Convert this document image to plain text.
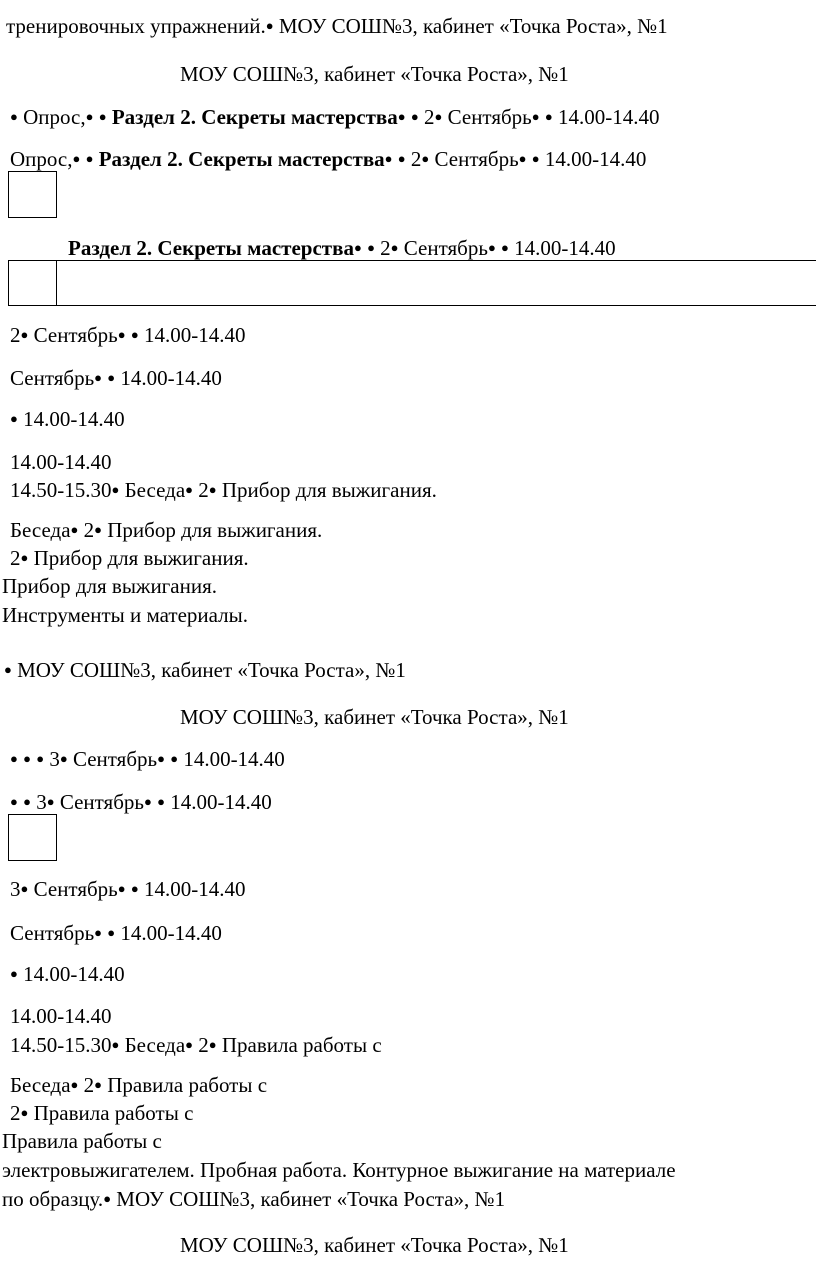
тренировочных упражнений.● МОУ СОШ№3, кабинет «Точка Роста», №1
МОУ СОШ№3, кабинет «Точка Роста», №1
● Опрос,● ● Раздел 2. Секреты мастерства● ● 2● Сентябрь● ● 14.00-14.40
Опрос,● ● Раздел 2. Секреты мастерства● ● 2● Сентябрь● ● 14.00-14.40
Раздел 2. Секреты мастерства● ● 2● Сентябрь● ● 14.00-14.40
2● Сентябрь● ● 14.00-14.40
Сентябрь● ● 14.00-14.40
● 14.00-14.40
14.00-14.40
14.50-15.30● Беседа● 2● Прибор для выжигания.
Беседа● 2● Прибор для выжигания.
2● Прибор для выжигания.
Прибор для выжигания.
Инструменты и материалы.
● МОУ СОШ№3, кабинет «Точка Роста», №1
МОУ СОШ№3, кабинет «Точка Роста», №1
● ● ● 3● Сентябрь● ● 14.00-14.40
● ● 3● Сентябрь● ● 14.00-14.40
3● Сентябрь● ● 14.00-14.40
Сентябрь● ● 14.00-14.40
● 14.00-14.40
14.00-14.40
14.50-15.30● Беседа● 2● Правила работы с
Беседа● 2● Правила работы с
2● Правила работы с
Правила работы с
электровыжигателем. Пробная работа. Контурное выжигание на материале
по образцу.● МОУ СОШ№3, кабинет «Точка Роста», №1
МОУ СОШ№3, кабинет «Точка Роста», №1
